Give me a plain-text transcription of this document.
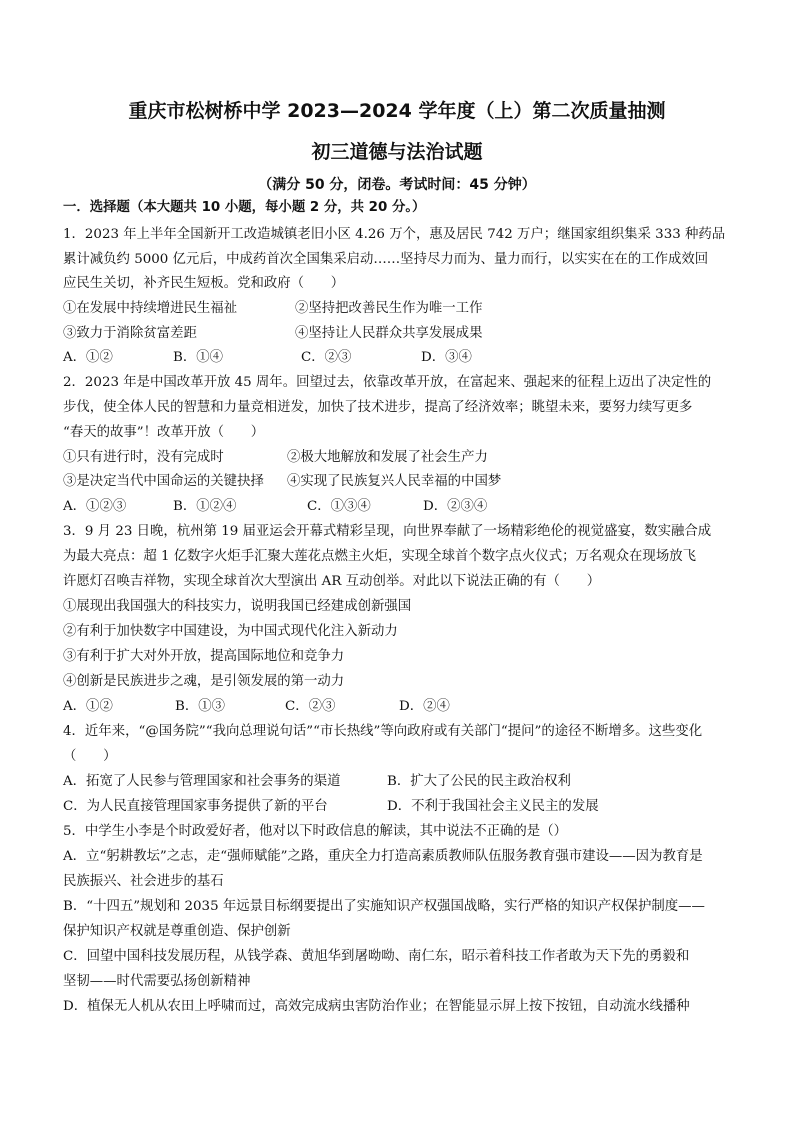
重庆市松树桥中学 2023—2024 学年度（上）第二次质量抽测
初三道德与法治试题
（满分 50 分，闭卷。考试时间：45 分钟）
一．选择题（本大题共 10 小题，每小题 2 分，共 20 分。）
1．2023 年上半年全国新开工改造城镇老旧小区 4.26 万个，惠及居民 742 万户；继国家组织集采 333 种药品
累计减负约 5000 亿元后，中成药首次全国集采启动……坚持尽力而为、量力而行，以实实在在的工作成效回
应民生关切，补齐民生短板。党和政府（　　）
①在发展中持续增进民生福祉	②坚持把改善民生作为唯一工作
③致力于消除贫富差距	④坚持让人民群众共享发展成果
A．①②	B．①④	C．②③	D．③④
2．2023 年是中国改革开放 45 周年。回望过去，依靠改革开放，在富起来、强起来的征程上迈出了决定性的
步伐，使全体人民的智慧和力量竞相迸发，加快了技术进步，提高了经济效率；眺望未来，要努力续写更多
“春天的故事”！改革开放（　　）
①只有进行时，没有完成时	②极大地解放和发展了社会生产力
③是决定当代中国命运的关键抉择 ④实现了民族复兴人民幸福的中国梦
A．①②③	B．①②④	C．①③④	D．②③④
3．9 月 23 日晚，杭州第 19 届亚运会开幕式精彩呈现，向世界奉献了一场精彩绝伦的视觉盛宴，数实融合成
为最大亮点：超 1 亿数字火炬手汇聚大莲花点燃主火炬，实现全球首个数字点火仪式；万名观众在现场放飞
许愿灯召唤吉祥物，实现全球首次大型演出 AR 互动创举。对此以下说法正确的有（　　）
①展现出我国强大的科技实力，说明我国已经建成创新强国
②有利于加快数字中国建设，为中国式现代化注入新动力
③有利于扩大对外开放，提高国际地位和竞争力
④创新是民族进步之魂，是引领发展的第一动力
A．①②	B．①③	C．②③	D．②④
4．近年来，“@国务院”“我向总理说句话”“市长热线”等向政府或有关部门“提问”的途径不断增多。这些变化
（　　）
A．拓宽了人民参与管理国家和社会事务的渠道	B．扩大了公民的民主政治权利
C．为人民直接管理国家事务提供了新的平台	D．不利于我国社会主义民主的发展
5．中学生小李是个时政爱好者，他对以下时政信息的解读，其中说法不正确的是（）
A．立“躬耕教坛”之志，走“强师赋能”之路，重庆全力打造高素质教师队伍服务教育强市建设——因为教育是
民族振兴、社会进步的基石
B．“十四五”规划和 2035 年远景目标纲要提出了实施知识产权强国战略，实行严格的知识产权保护制度——
保护知识产权就是尊重创造、保护创新
C．回望中国科技发展历程，从钱学森、黄旭华到屠呦呦、南仁东，昭示着科技工作者敢为天下先的勇毅和
坚韧——时代需要弘扬创新精神
D．植保无人机从农田上呼啸而过，高效完成病虫害防治作业；在智能显示屏上按下按钮，自动流水线播种
